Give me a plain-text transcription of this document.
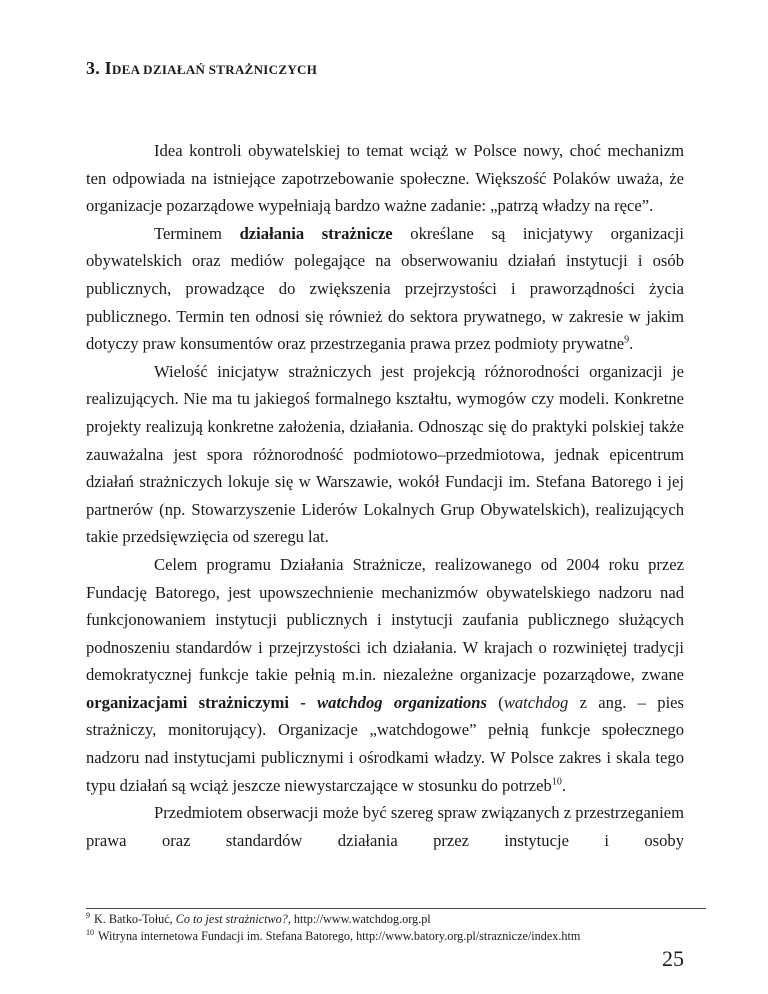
3. IDEA DZIAŁAŃ STRAŻNICZYCH

Idea kontroli obywatelskiej to temat wciąż w Polsce nowy, choć mechanizm ten odpowiada na istniejące zapotrzebowanie społeczne. Większość Polaków uważa, że organizacje pozarządowe wypełniają bardzo ważne zadanie: „patrzą władzy na ręce”.

Terminem działania strażnicze określane są inicjatywy organizacji obywatelskich oraz mediów polegające na obserwowaniu działań instytucji i osób publicznych, prowadzące do zwiększenia przejrzystości i praworządności życia publicznego. Termin ten odnosi się również do sektora prywatnego, w zakresie w jakim dotyczy praw konsumentów oraz przestrzegania prawa przez podmioty prywatne$^9$.

Wielość inicjatyw strażniczych jest projekcją różnorodności organizacji je realizujących. Nie ma tu jakiegoś formalnego kształtu, wymogów czy modeli. Konkretne projekty realizują konkretne założenia, działania. Odnosząc się do praktyki polskiej także zauważalna jest spora różnorodność podmiotowo–przedmiotowa, jednak epicentrum działań strażniczych lokuje się w Warszawie, wokół Fundacji im. Stefana Batorego i jej partnerów (np. Stowarzyszenie Liderów Lokalnych Grup Obywatelskich), realizujących takie przedsięwzięcia od szeregu lat.

Celem programu Działania Strażnicze, realizowanego od 2004 roku przez Fundację Batorego, jest upowszechnienie mechanizmów obywatelskiego nadzoru nad funkcjonowaniem instytucji publicznych i instytucji zaufania publicznego służących podnoszeniu standardów i przejrzystości ich działania. W krajach o rozwiniętej tradycji demokratycznej funkcje takie pełnią m.in. niezależne organizacje pozarządowe, zwane organizacjami strażniczymi - watchdog organizations (watchdog z ang. – pies strażniczy, monitorujący). Organizacje „watchdogowe” pełnią funkcje społecznego nadzoru nad instytucjami publicznymi i ośrodkami władzy. W Polsce zakres i skala tego typu działań są wciąż jeszcze niewystarczające w stosunku do potrzeb$^{10}$.

Przedmiotem obserwacji może być szereg spraw związanych z przestrzeganiem prawa oraz standardów działania przez instytucje i osoby

$^9$ K. Batko-Tołuć, Co to jest strażnictwo?, http://www.watchdog.org.pl
$^{10}$ Witryna internetowa Fundacji im. Stefana Batorego, http://www.batory.org.pl/straznicze/index.htm
25
